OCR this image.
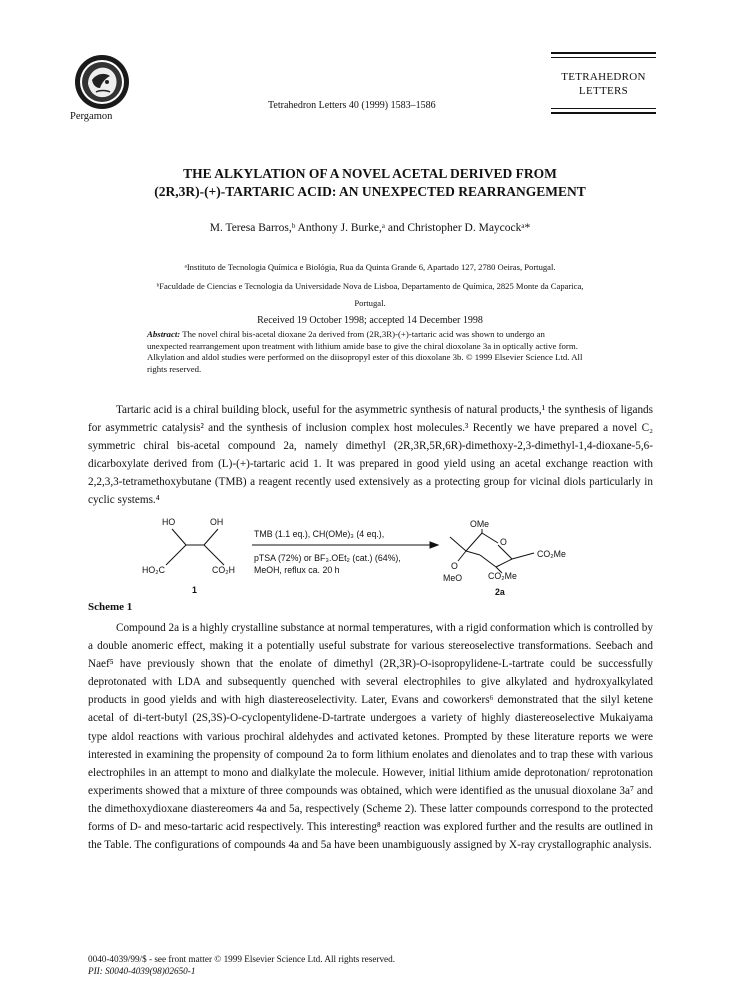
Pergamon
Tetrahedron Letters 40 (1999) 1583–1586
TETRAHEDRON
LETTERS
THE ALKYLATION OF A NOVEL ACETAL DERIVED FROM
(2R,3R)-(+)-TARTARIC ACID: AN UNEXPECTED REARRANGEMENT
M. Teresa Barros,ᵇ Anthony J. Burke,ᵃ and Christopher D. Maycockᵃ*
ᵃInstituto de Tecnologia Química e Biológia, Rua da Quinta Grande 6, Apartado 127, 2780 Oeiras, Portugal.
ᵇFaculdade de Ciencias e Tecnologia da Universidade Nova de Lisboa, Departamento de Química, 2825 Monte da Caparica,
Portugal.
Received 19 October 1998; accepted 14 December 1998
Abstract: The novel chiral bis-acetal dioxane 2a derived from (2R,3R)-(+)-tartaric acid was shown to undergo an unexpected rearrangement upon treatment with lithium amide base to give the chiral dioxolane 3a in optically active form. Alkylation and aldol studies were performed on the diisopropyl ester of this dioxolane 3b. © 1999 Elsevier Science Ltd. All rights reserved.
Tartaric acid is a chiral building block, useful for the asymmetric synthesis of natural products,¹ the synthesis of ligands for asymmetric catalysis² and the synthesis of inclusion complex host molecules.³ Recently we have prepared a novel C₂ symmetric chiral bis-acetal compound 2a, namely dimethyl (2R,3R,5R,6R)-dimethoxy-2,3-dimethyl-1,4-dioxane-5,6-dicarboxylate derived from (L)-(+)-tartaric acid 1. It was prepared in good yield using an acetal exchange reaction with 2,2,3,3-tetramethoxybutane (TMB) a reagent recently used extensively as a protecting group for vicinal diols particularly in cyclic systems.⁴
HO	OH
HO₂C	CO₂H
1
TMB (1.1 eq.), CH(OMe)₃ (4 eq.),
pTSA (72%) or BF₃.OEt₂ (cat.) (64%),
MeOH, reflux ca. 20 h
OMe
O
O
MeO
CO₂Me
CO₂Me
2a
Scheme 1
Compound 2a is a highly crystalline substance at normal temperatures, with a rigid conformation which is controlled by a double anomeric effect, making it a potentially useful substrate for various stereoselective transformations. Seebach and Naef⁵ have previously shown that the enolate of dimethyl (2R,3R)-O-isopropylidene-L-tartrate could be successfully deprotonated with LDA and subsequently quenched with several electrophiles to give alkylated and hydroxyalkylated products in good yields and with high diastereoselectivity. Later, Evans and coworkers⁶ demonstrated that the silyl ketene acetal of di-tert-butyl (2S,3S)-O-cyclopentylidene-D-tartrate undergoes a variety of highly diastereoselective Mukaiyama type aldol reactions with various prochiral aldehydes and activated ketones. Prompted by these literature reports we were interested in examining the propensity of compound 2a to form lithium enolates and dienolates and to trap these with various electrophiles in an attempt to mono and dialkylate the molecule. However, initial lithium amide deprotonation/ reprotonation experiments showed that a mixture of three compounds was obtained, which were identified as the unusual dioxolane 3a⁷ and the dimethoxydioxane diastereomers 4a and 5a, respectively (Scheme 2). These latter compounds correspond to the protected forms of D- and meso-tartaric acid respectively. This interesting⁸ reaction was explored further and the results are outlined in the Table. The configurations of compounds 4a and 5a have been unambiguously assigned by X-ray crystallographic analysis.
0040-4039/99/$ - see front matter © 1999 Elsevier Science Ltd. All rights reserved.
PII: S0040-4039(98)02650-1
